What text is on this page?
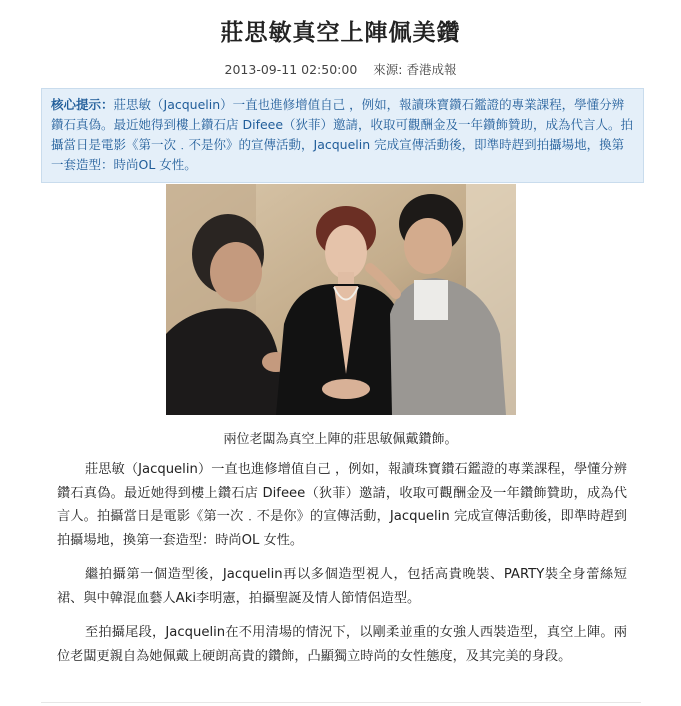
莊思敏真空上陣佩美鑽
2013-09-11 02:50:00 來源: 香港成報
核心提示：莊思敏（Jacquelin）一直也進修增值自己 ，例如，報讀珠寶鑽石鑑證的專業課程，學懂分辨鑽石真偽。最近她得到樓上鑽石店 Difeee（狄菲）邀請，收取可觀酬金及一年鑽飾贊助，成為代言人。拍攝當日是電影《第一次﹒不是你》的宣傳活動，Jacquelin 完成宣傳活動後，即準時趕到拍攝場地，換第一套造型：時尚OL 女性。
兩位老闆為真空上陣的莊思敏佩戴鑽飾。

莊思敏（Jacquelin）一直也進修增值自己 ，例如，報讀珠寶鑽石鑑證的專業課程，學懂分辨鑽石真偽。最近她得到樓上鑽石店 Difeee（狄菲）邀請，收取可觀酬金及一年鑽飾贊助，成為代言人。拍攝當日是電影《第一次﹒不是你》的宣傳活動，Jacquelin 完成宣傳活動後，即準時趕到拍攝場地，換第一套造型：時尚OL 女性。

繼拍攝第一個造型後，Jacquelin再以多個造型視人，包括高貴晚裝、PARTY裝全身蕾絲短裙、與中韓混血藝人Aki李明憲，拍攝聖誕及情人節情侶造型。

至拍攝尾段，Jacquelin在不用清場的情況下，以剛柔並重的女強人西裝造型，真空上陣。兩位老闆更親自為她佩戴上硬朗高貴的鑽飾，凸顯獨立時尚的女性態度，及其完美的身段。
